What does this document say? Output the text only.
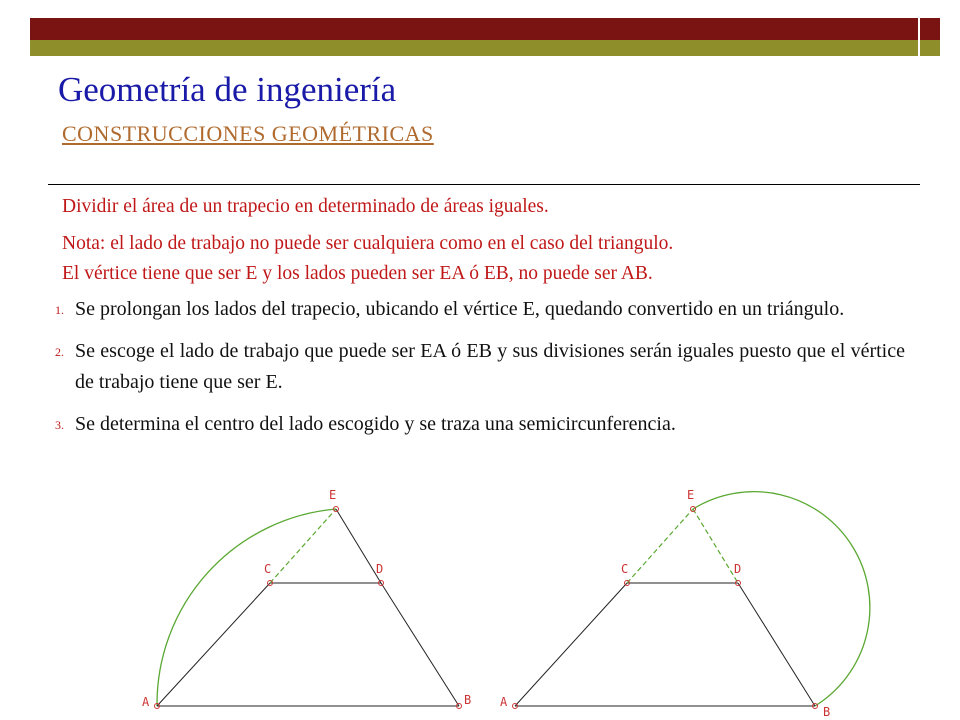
Geometría de ingeniería
CONSTRUCCIONES GEOMÉTRICAS
Dividir el área de un trapecio en determinado de áreas iguales.
Nota: el lado de trabajo no puede ser cualquiera como en el caso del triangulo.
El vértice tiene que ser E y los lados pueden ser EA ó EB, no puede ser AB.
1. Se prolongan los lados del trapecio, ubicando el vértice E, quedando convertido en un triángulo.
2. Se escoge el lado de trabajo que puede ser EA ó EB y sus divisiones serán iguales puesto que el vértice de trabajo tiene que ser E.
3. Se determina el centro del lado escogido y se traza una semicircunferencia.
E
C	D
A	B
E
C	D
A
B
